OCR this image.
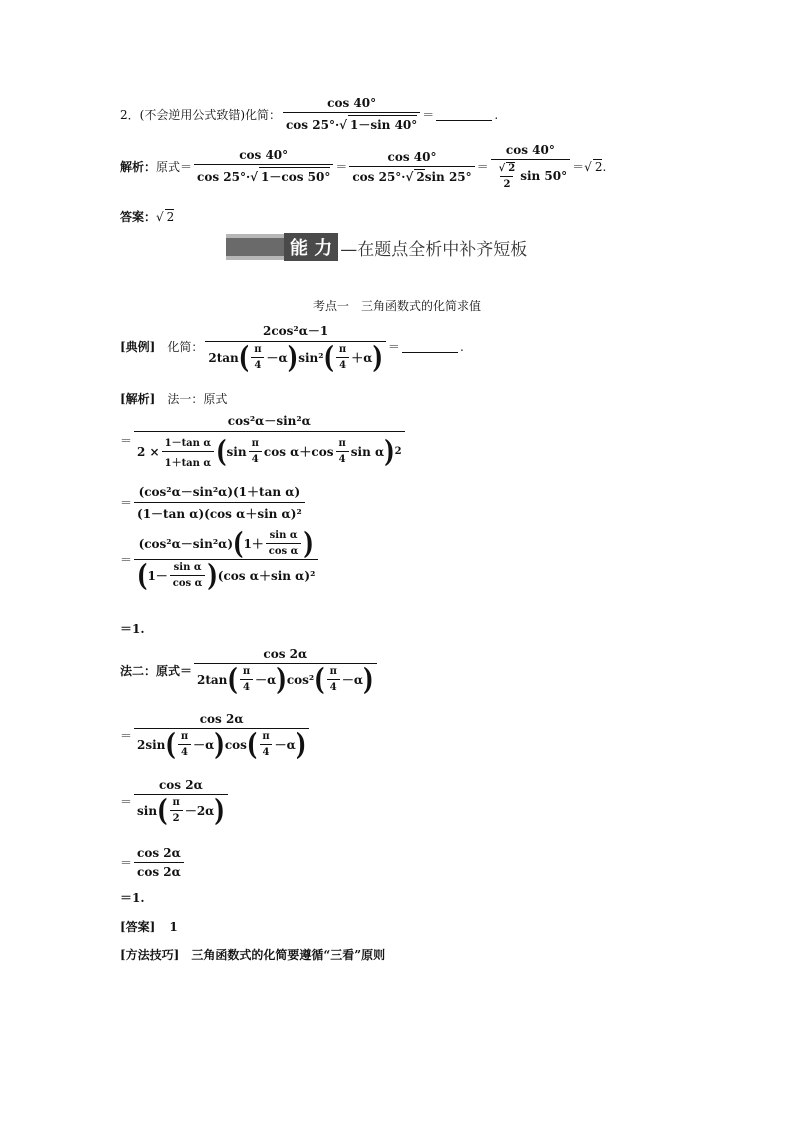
2．(不会逆用公式致错)化简： $\frac{\cos 40^\circ}{\cos 25^\circ\cdot√ 1-\sin 40^\circ}$ ＝	.
解析： 原式＝ $\frac{\cos 40^\circ}{\cos 25^\circ\cdot√ 1-\cos 50^\circ} = \frac{\cos 40^\circ}{\cos 25^\circ\cdot√ 2\sin 25^\circ} = \frac{\cos 40^\circ}{\frac{√ 2}{2} \sin 50^\circ}$ ＝ √ 2 .
答案： √ 2
能 力 —在题点全析中补齐短板
考点一　三角函数式的化简求值
[典例] 化简：
2cos²α－1
2tan ( $\frac{\pi}{4} -\alpha$ ) sin² ( $\frac{\pi}{4} +\alpha$ ) ＝	.
[解析] 法一：原式
＝
cos²α－sin²α
$2 \times \frac{\text{1－tan α}}{\text{1＋tan α}}$ ( $\sin \frac{\pi}{4}$ $\cos \alpha+\cos \frac{\pi}{4}$ sin α ) 2
＝ $\frac{\text{(cos²α－sin²α)(1＋tan α)}}{\text{(1－tan α)(cos α＋sin α)²}}$
＝ $\frac{(\cos^2\alpha-\sin^2\alpha) ( 1+ \frac{\text{sin α}}{\text{cos α}} )}{( 1- \frac{\text{sin α}}{\text{cos α}} ) (\cos \alpha+\sin \alpha)^2}$
＝1.
法二：原式＝
cos 2α
2tan ( $\frac{\pi}{4} -\alpha$ ) cos² ( $\frac{\pi}{4} -\alpha$ )
＝
cos 2α
2sin ( $\frac{\pi}{4} -\alpha$ ) cos ( $\frac{\pi}{4} -\alpha$ )
＝ $\frac{\cos 2\alpha}{\sin ( \frac{\pi}{2} -2\alpha )}$
＝ $\frac{\cos 2\alpha}{\cos 2\alpha}$
＝1.
[答案] 1
[方法技巧] 三角函数式的化简要遵循“三看”原则
